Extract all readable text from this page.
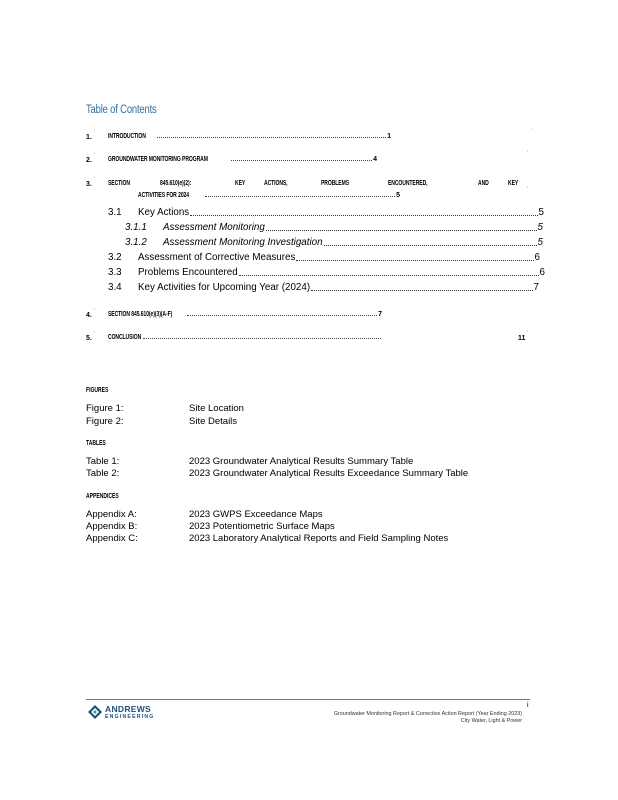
Table of Contents
1. INTRODUCTION	1
'	'
2. GROUNDWATER MONITORING PROGRAM	4
'	'
3. SECTION	845.610(e)(2):	KEY	ACTIONS,	PROBLEMS	ENCOUNTERED,	AND	KEY
ACTIVITIES FOR 2024	5
'
'
3.1	Key Actions	5
3.1.1	Assessment Monitoring	5
3.1.2	Assessment Monitoring Investigation	5
3.2	Assessment of Corrective Measures	6
3.3	Problems Encountered	6
3.4	Key Activities for Upcoming Year (2024)	7
4. SECTION 845.610(e)(3)(A-F)	7
'
5. CONCLUSION	11
'	'
FIGURES
Figure 1:	Site Location
Figure 2:	Site Details
TABLES
Table 1:	2023 Groundwater Analytical Results Summary Table
Table 2:	2023 Groundwater Analytical Results Exceedance Summary Table
APPENDICES
Appendix A:	2023 GWPS Exceedance Maps
Appendix B:	2023 Potentiometric Surface Maps
Appendix C:	2023 Laboratory Analytical Reports and Field Sampling Notes
ANDREWS
ENGINEERING
i
Groundwater Monitoring Report & Corrective Action Report (Year Ending 2023)
City Water, Light & Power
